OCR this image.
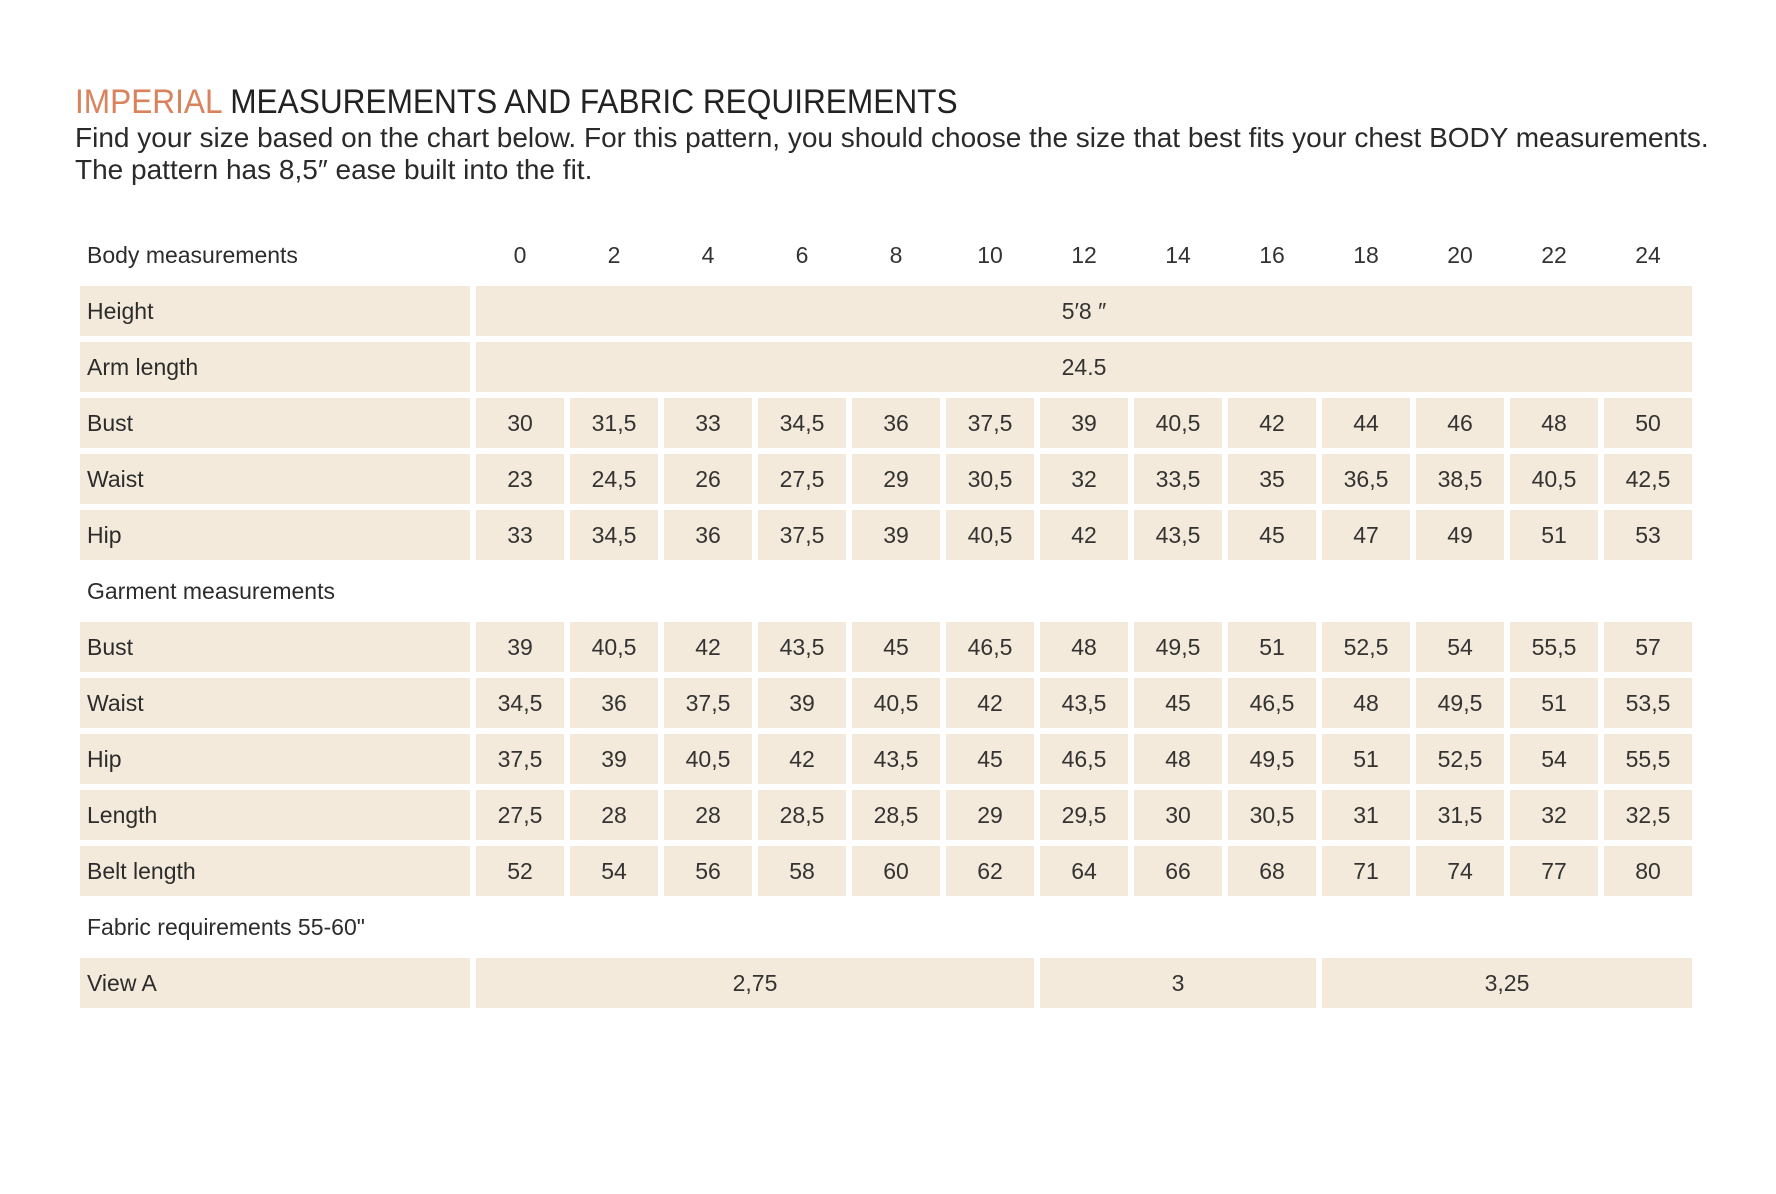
IMPERIAL MEASUREMENTS AND FABRIC REQUIREMENTS

Find your size based on the chart below. For this pattern, you should choose the size that best fits your chest BODY measurements. The pattern has 8,5″ ease built into the fit.

Body measurements	0	2	4	6	8	10	12	14	16	18	20	22	24
Height	5′8 ″
Arm length	24.5
Bust	30	31,5	33	34,5	36	37,5	39	40,5	42	44	46	48	50
Waist	23	24,5	26	27,5	29	30,5	32	33,5	35	36,5	38,5	40,5	42,5
Hip	33	34,5	36	37,5	39	40,5	42	43,5	45	47	49	51	53
Garment measurements
Bust	39	40,5	42	43,5	45	46,5	48	49,5	51	52,5	54	55,5	57
Waist	34,5	36	37,5	39	40,5	42	43,5	45	46,5	48	49,5	51	53,5
Hip	37,5	39	40,5	42	43,5	45	46,5	48	49,5	51	52,5	54	55,5
Length	27,5	28	28	28,5	28,5	29	29,5	30	30,5	31	31,5	32	32,5
Belt length	52	54	56	58	60	62	64	66	68	71	74	77	80
Fabric requirements 55-60"
View A	2,75	3	3,25
